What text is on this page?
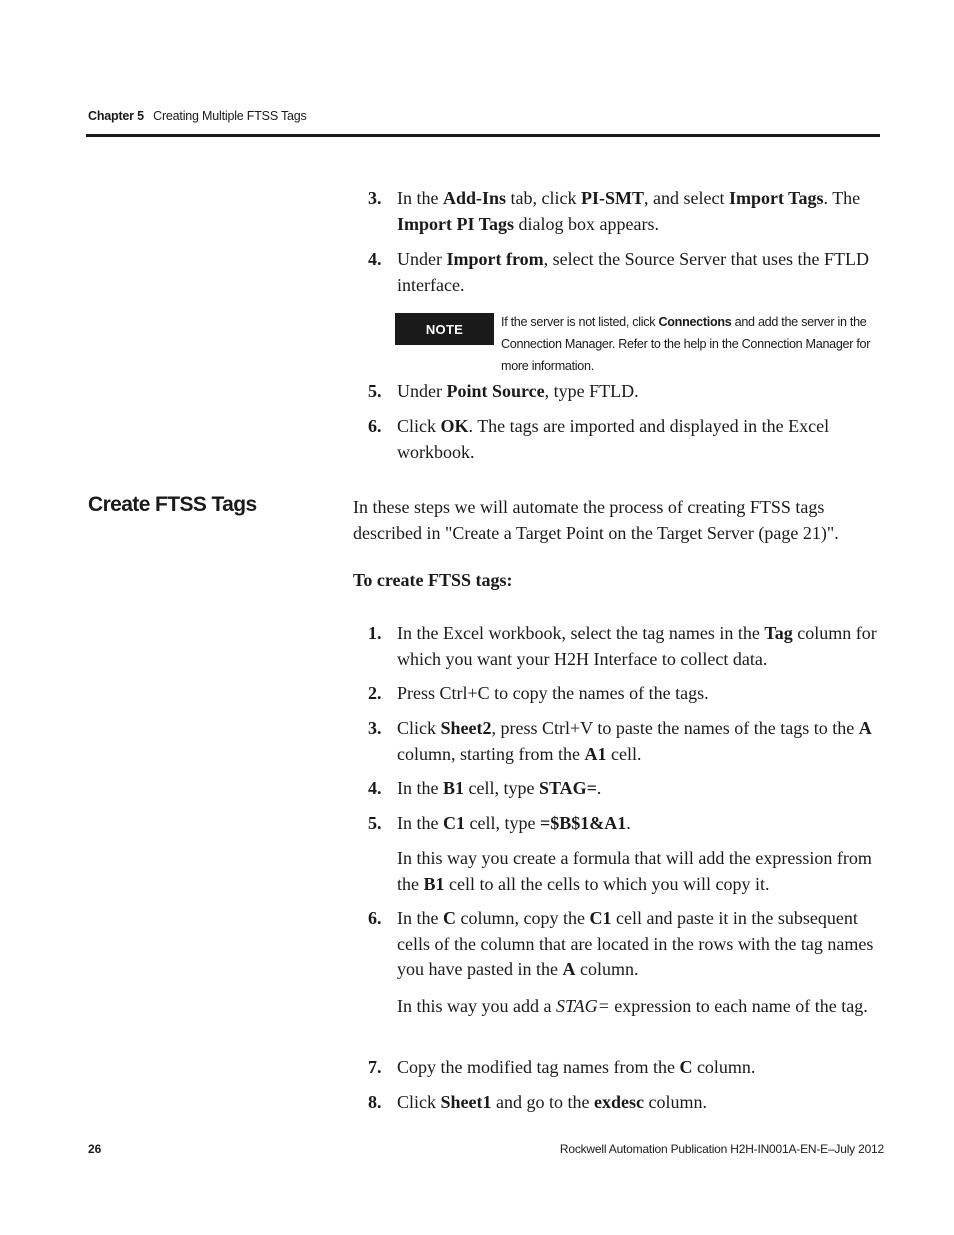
Chapter 5 Creating Multiple FTSS Tags
3. In the Add-Ins tab, click PI-SMT, and select Import Tags. The Import PI Tags dialog box appears.
4. Under Import from, select the Source Server that uses the FTLD interface.
NOTE	If the server is not listed, click Connections and add the server in the Connection Manager. Refer to the help in the Connection Manager for more information.
5. Under Point Source, type FTLD.
6. Click OK. The tags are imported and displayed in the Excel workbook.
Create FTSS Tags	In these steps we will automate the process of creating FTSS tags described in "Create a Target Point on the Target Server (page 21)".
To create FTSS tags:
1. In the Excel workbook, select the tag names in the Tag column for which you want your H2H Interface to collect data.
2. Press Ctrl+C to copy the names of the tags.
3. Click Sheet2, press Ctrl+V to paste the names of the tags to the A column, starting from the A1 cell.
4. In the B1 cell, type STAG=.
5. In the C1 cell, type =$B$1&A1.
In this way you create a formula that will add the expression from the B1 cell to all the cells to which you will copy it.
6. In the C column, copy the C1 cell and paste it in the subsequent cells of the column that are located in the rows with the tag names you have pasted in the A column.
In this way you add a STAG= expression to each name of the tag.
7. Copy the modified tag names from the C column.
8. Click Sheet1 and go to the exdesc column.
26	Rockwell Automation Publication H2H-IN001A-EN-E–July 2012
